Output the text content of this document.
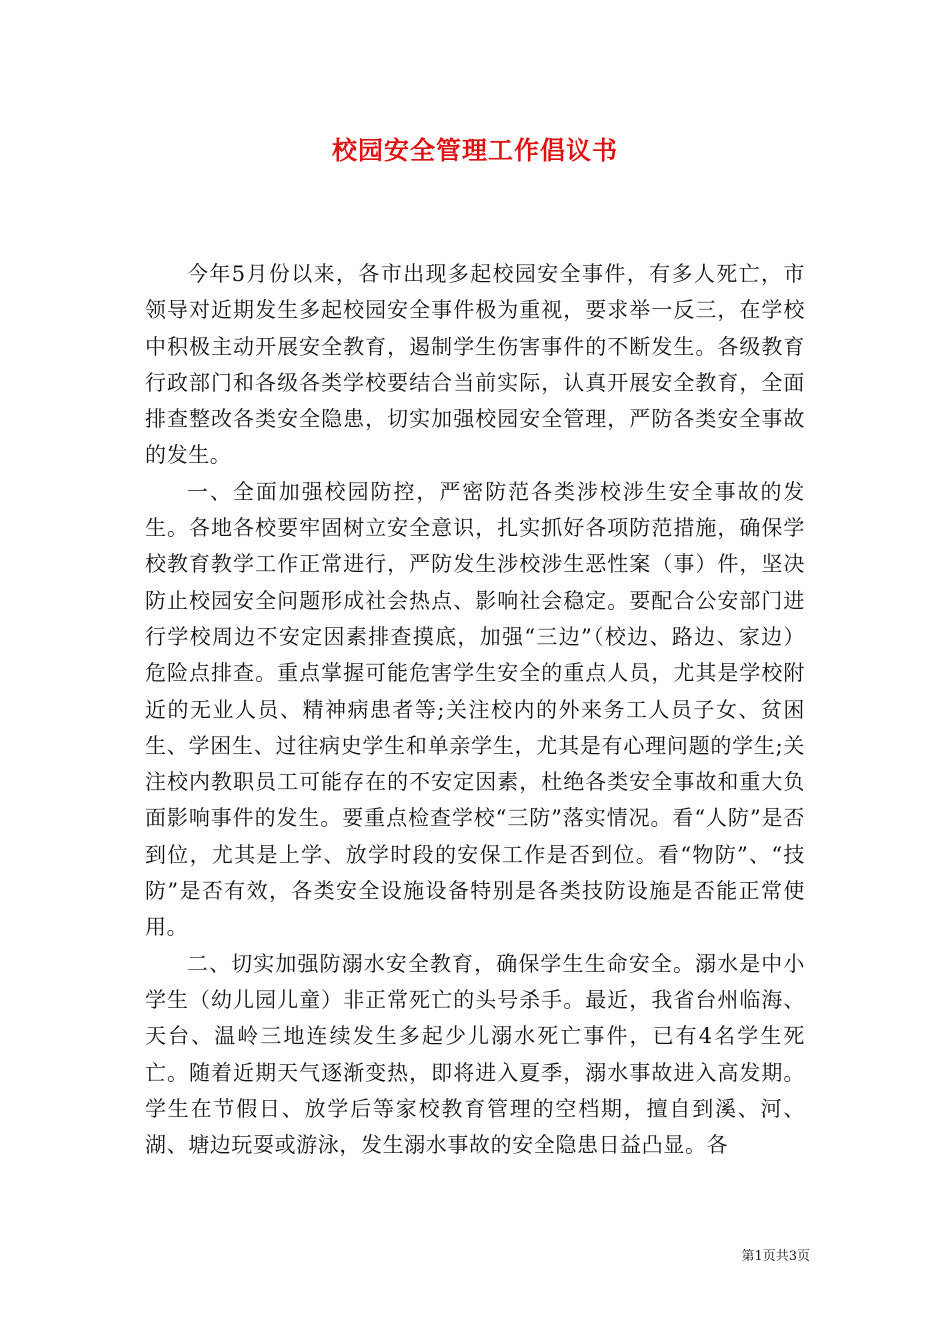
校园安全管理工作倡议书

今年5月份以来，各市出现多起校园安全事件，有多人死亡，市领导对近期发生多起校园安全事件极为重视，要求举一反三，在学校中积极主动开展安全教育，遏制学生伤害事件的不断发生。各级教育行政部门和各级各类学校要结合当前实际，认真开展安全教育，全面排查整改各类安全隐患，切实加强校园安全管理，严防各类安全事故的发生。

一、全面加强校园防控，严密防范各类涉校涉生安全事故的发生。各地各校要牢固树立安全意识，扎实抓好各项防范措施，确保学校教育教学工作正常进行，严防发生涉校涉生恶性案（事）件，坚决防止校园安全问题形成社会热点、影响社会稳定。要配合公安部门进行学校周边不安定因素排查摸底，加强“三边”（校边、路边、家边）危险点排查。重点掌握可能危害学生安全的重点人员，尤其是学校附近的无业人员、精神病患者等;关注校内的外来务工人员子女、贫困生、学困生、过往病史学生和单亲学生，尤其是有心理问题的学生;关注校内教职员工可能存在的不安定因素，杜绝各类安全事故和重大负面影响事件的发生。要重点检查学校“三防”落实情况。看“人防”是否到位，尤其是上学、放学时段的安保工作是否到位。看“物防”、“技防”是否有效，各类安全设施设备特别是各类技防设施是否能正常使用。

二、切实加强防溺水安全教育，确保学生生命安全。溺水是中小学生（幼儿园儿童）非正常死亡的头号杀手。最近，我省台州临海、天台、温岭三地连续发生多起少儿溺水死亡事件，已有4名学生死亡。随着近期天气逐渐变热，即将进入夏季，溺水事故进入高发期。学生在节假日、放学后等家校教育管理的空档期，擅自到溪、河、湖、塘边玩耍或游泳，发生溺水事故的安全隐患日益凸显。各

第1页共3页
